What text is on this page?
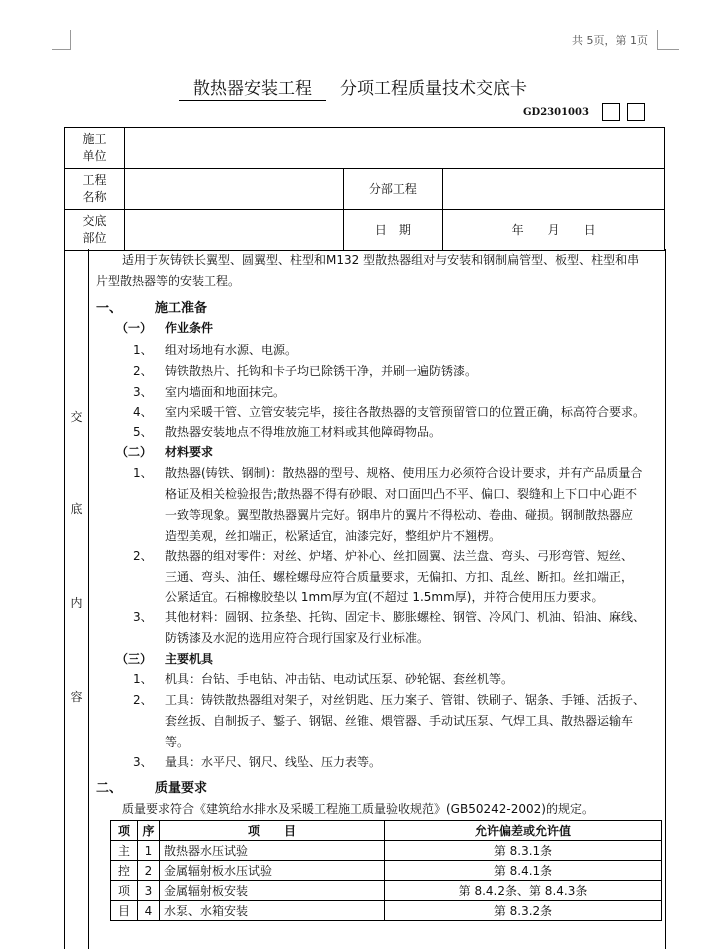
共 5页，第 1页
散热器安装工程 分项工程质量技术交底卡
GD2301003
施工单位			

工程名称		分部工程	

交底部位		日　期	年　　月　　日
交
底
内
容
适用于灰铸铁长翼型、圆翼型、柱型和M132 型散热器组对与安装和钢制扁管型、板型、柱型和串
片型散热器等的安装工程。
一、	施工准备
（一） 作业条件
1、 组对场地有水源、电源。
2、 铸铁散热片、托钩和卡子均已除锈干净，并刷一遍防锈漆。
3、 室内墙面和地面抹完。
4、 室内采暖干管、立管安装完毕，接往各散热器的支管预留管口的位置正确，标高符合要求。
5、 散热器安装地点不得堆放施工材料或其他障碍物品。
（二） 材料要求
1、 散热器(铸铁、钢制)：散热器的型号、规格、使用压力必须符合设计要求，并有产品质量合
格证及相关检验报告;散热器不得有砂眼、对口面凹凸不平、偏口、裂缝和上下口中心距不
一致等现象。翼型散热器翼片完好。钢串片的翼片不得松动、卷曲、碰损。钢制散热器应
造型美观，丝扣端正，松紧适宜，油漆完好，整组炉片不翘楞。
2、 散热器的组对零件：对丝、炉堵、炉补心、丝扣圆翼、法兰盘、弯头、弓形弯管、短丝、
三通、弯头、油任、螺栓螺母应符合质量要求，无偏扣、方扣、乱丝、断扣。丝扣端正，
公紧适宜。石棉橡胶垫以 1mm厚为宜(不超过 1.5mm厚)，并符合使用压力要求。
3、 其他材料：圆钢、拉条垫、托钩、固定卡、膨胀螺栓、钢管、冷风门、机油、铅油、麻线、
防锈漆及水泥的选用应符合现行国家及行业标准。
（三） 主要机具
1、 机具：台钻、手电钻、冲击钻、电动试压泵、砂轮锯、套丝机等。
2、 工具：铸铁散热器组对架子，对丝钥匙、压力案子、管钳、铁刷子、锯条、手锤、活扳子、
套丝扳、自制扳子、錾子、钢锯、丝锥、煨管器、手动试压泵、气焊工具、散热器运输车
等。
3、 量具：水平尺、钢尺、线坠、压力表等。
二、	质量要求
质量要求符合《建筑给水排水及采暖工程施工质量验收规范》(GB50242-2002)的规定。
项	序	项　　目	允许偏差或允许值
主	1	散热器水压试验	第 8.3.1条
控	2	金属辐射板水压试验	第 8.4.1条
项	3	金属辐射板安装	第 8.4.2条、第 8.4.3条
目	4	水泵、水箱安装	第 8.3.2条
